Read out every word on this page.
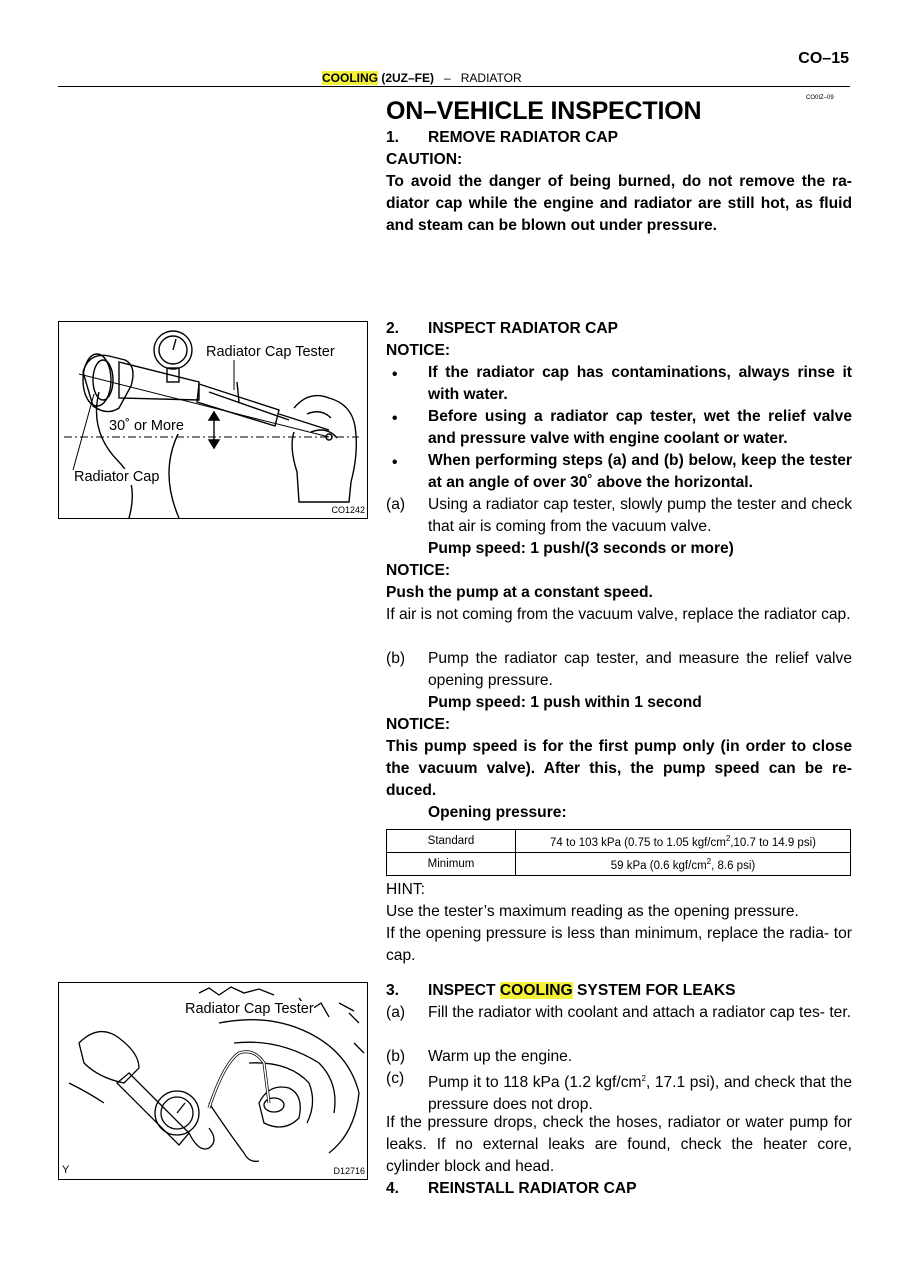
CO–15
COOLING (2UZ–FE) – RADIATOR
CO0IZ–09
ON–VEHICLE INSPECTION
1. REMOVE RADIATOR CAP
CAUTION:
To avoid the danger of being burned, do not remove the ra- diator cap while the engine and radiator are still hot, as fluid and steam can be blown out under pressure.
Radiator Cap Tester
30˚ or More
Radiator Cap
CO1242
2. INSPECT RADIATOR CAP
NOTICE:
• If the radiator cap has contaminations, always rinse it with water.
• Before using a radiator cap tester, wet the relief valve and pressure valve with engine coolant or water.
• When performing steps (a) and (b) below, keep the tester at an angle of over 30˚ above the horizontal.
(a) Using a radiator cap tester, slowly pump the tester and check that air is coming from the vacuum valve.
Pump speed: 1 push/(3 seconds or more)
NOTICE:
Push the pump at a constant speed.
If air is not coming from the vacuum valve, replace the radiator cap.
(b) Pump the radiator cap tester, and measure the relief valve opening pressure.
Pump speed: 1 push within 1 second
NOTICE:
This pump speed is for the first pump only (in order to close the vacuum valve). After this, the pump speed can be re- duced.
Opening pressure:
Standard	74 to 103 kPa (0.75 to 1.05 kgf/$cm^2,10.7$ to 14.9 psi)
Minimum	59 kPa (0.6 kgf/$cm^2$, 8.6 psi)
HINT:
Use the tester’s maximum reading as the opening pressure.
If the opening pressure is less than minimum, replace the radia- tor cap.
Radiator Cap Tester
Y	D12716
3. INSPECT COOLING SYSTEM FOR LEAKS
(a) Fill the radiator with coolant and attach a radiator cap tes- ter.
(b) Warm up the engine.
(c) Pump it to 118 kPa (1.2 kgf/$cm^2$, 17.1 psi), and check that the pressure does not drop.
If the pressure drops, check the hoses, radiator or water pump for leaks. If no external leaks are found, check the heater core, cylinder block and head.
4. REINSTALL RADIATOR CAP
